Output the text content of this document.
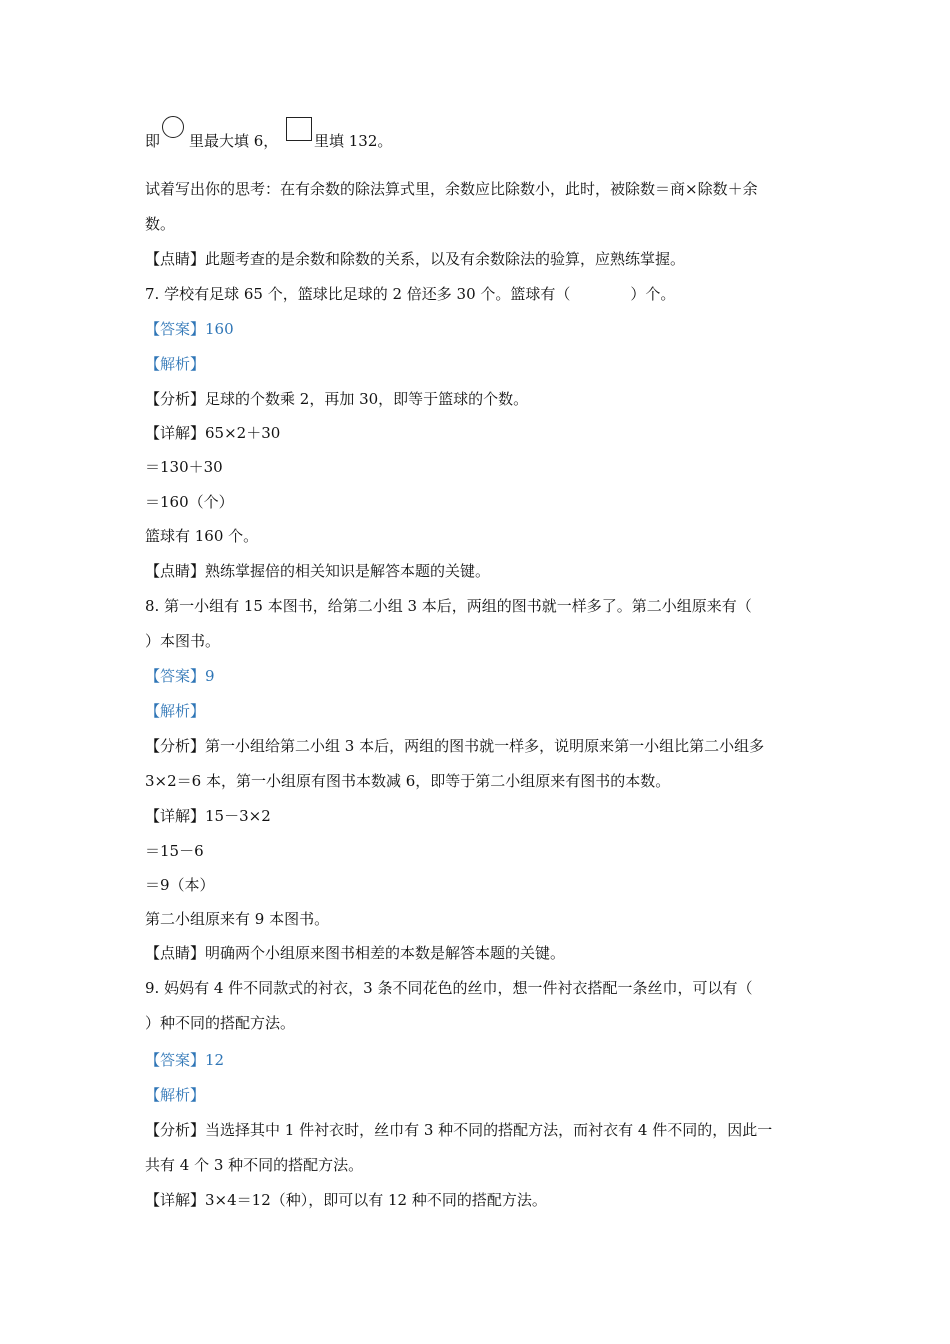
即 里最大填 6， 里填 132。
试着写出你的思考：在有余数的除法算式里，余数应比除数小，此时，被除数＝商×除数＋余
数。
【点睛】此题考查的是余数和除数的关系，以及有余数除法的验算，应熟练掌握。
7. 学校有足球 65 个，篮球比足球的 2 倍还多 30 个。篮球有（　　　　）个。
【答案】160
【解析】
【分析】足球的个数乘 2，再加 30，即等于篮球的个数。
【详解】65×2＋30
＝130＋30
＝160（个）
篮球有 160 个。
【点睛】熟练掌握倍的相关知识是解答本题的关键。
8. 第一小组有 15 本图书，给第二小组 3 本后，两组的图书就一样多了。第二小组原来有（
）本图书。
【答案】9
【解析】
【分析】第一小组给第二小组 3 本后，两组的图书就一样多，说明原来第一小组比第二小组多
3×2＝6 本，第一小组原有图书本数减 6，即等于第二小组原来有图书的本数。
【详解】15－3×2
＝15－6
＝9（本）
第二小组原来有 9 本图书。
【点睛】明确两个小组原来图书相差的本数是解答本题的关键。
9. 妈妈有 4 件不同款式的衬衣，3 条不同花色的丝巾，想一件衬衣搭配一条丝巾，可以有（
）种不同的搭配方法。
【答案】12
【解析】
【分析】当选择其中 1 件衬衣时，丝巾有 3 种不同的搭配方法，而衬衣有 4 件不同的，因此一
共有 4 个 3 种不同的搭配方法。
【详解】3×4＝12（种），即可以有 12 种不同的搭配方法。
